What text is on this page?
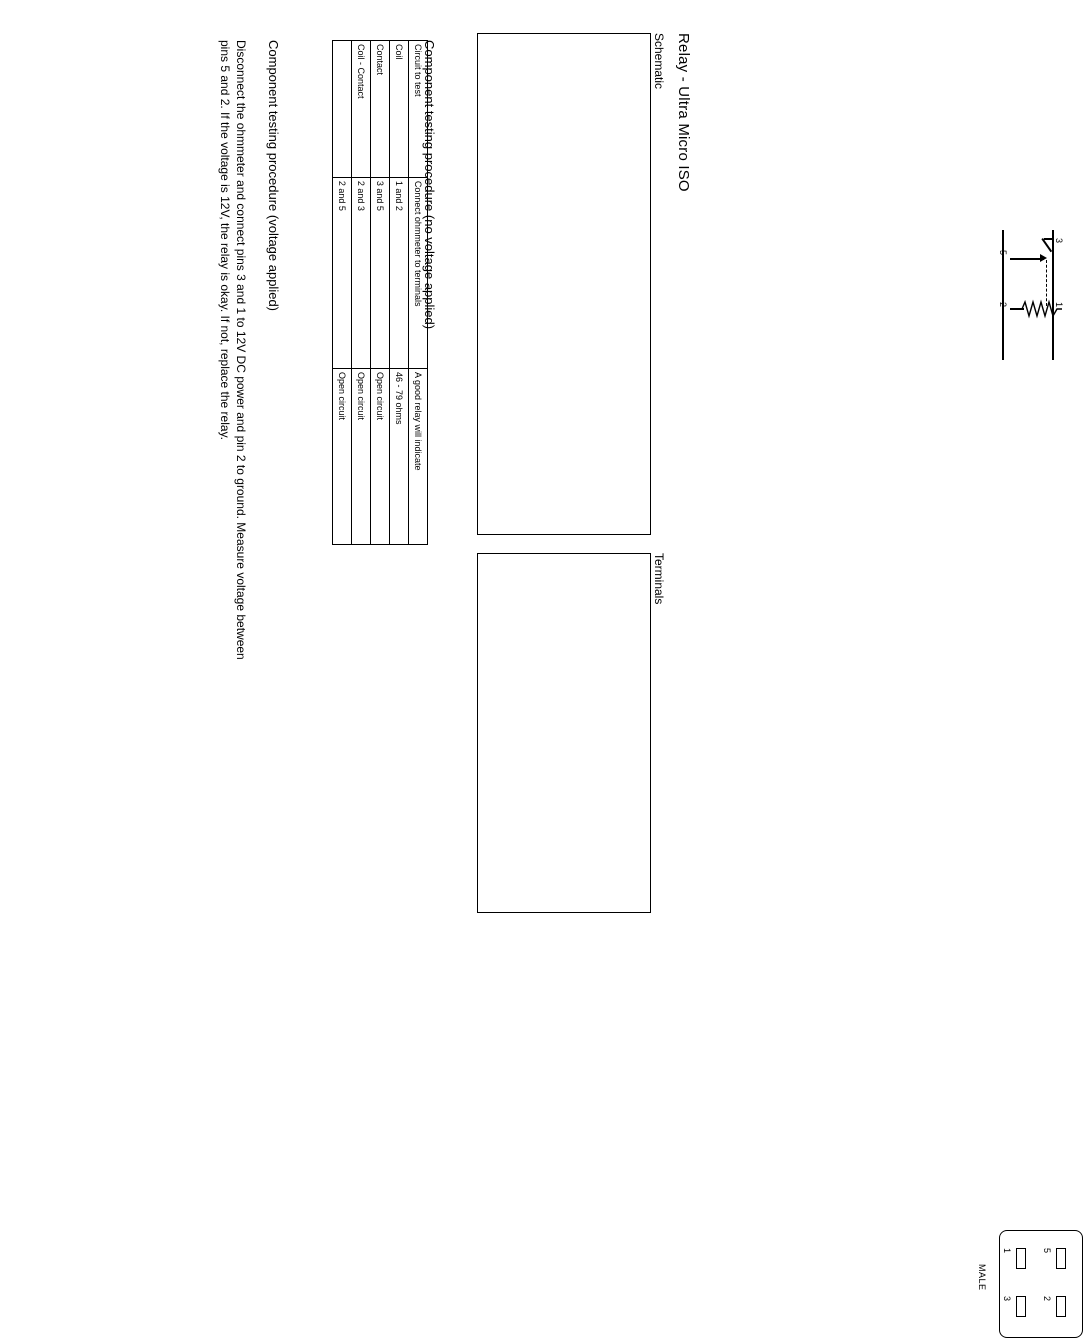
Relay - Ultra Micro ISO
Schematic
5
3
2	1
Terminals
1	5
3	2
MALE
Component testing procedure (no voltage applied)
Circuit to test	Connect ohmmeter to terminals	A good relay will indicate
Coil	1 and 2	46 - 79 ohms
Contact	3 and 5	Open circuit
Coil - Contact	2 and 3	Open circuit
	2 and 5	Open circuit
Component testing procedure (voltage applied)
Disconnect the ohmmeter and connect pins 3 and 1 to 12V DC power and pin 2 to ground. Measure voltage between pins 5 and 2. If the voltage is 12V, the relay is okay. If not, replace the relay.
